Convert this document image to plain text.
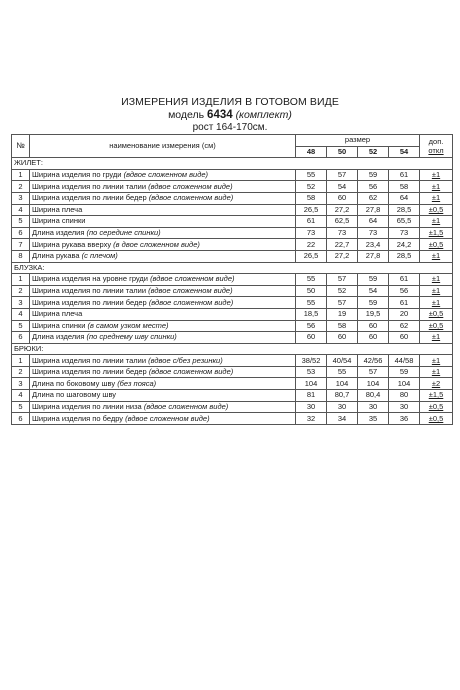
ИЗМЕРЕНИЯ ИЗДЕЛИЯ В ГОТОВОМ ВИДЕ
модель 6434 (комплект)
рост 164-170см.
№	наименование измерения (см)	размер				доп.
откл

		48	50	52	54	
ЖИЛЕТ:						
1	Ширина изделия по груди (вдвое сложенном виде)	55	57	59	61	±1
2	Ширина изделия по линии талии (вдвое сложенном виде)	52	54	56	58	±1
3	Ширина изделия по линии бедер (вдвое сложенном виде)	58	60	62	64	±1
4	Ширина плеча	26,5	27,2	27,8	28,5	±0,5
5	Ширина спинки	61	62,5	64	65,5	±1
6	Длина изделия (по середине спинки)	73	73	73	73	±1,5
7	Ширина рукава вверху (в двое сложенном виде)	22	22,7	23,4	24,2	±0,5
8	Длина рукава (с плечом)	26,5	27,2	27,8	28,5	±1
БЛУЗКА:						
1	Ширина изделия на уровне груди (вдвое сложенном виде)	55	57	59	61	±1
2	Ширина изделия по линии талии (вдвое сложенном виде)	50	52	54	56	±1
3	Ширина изделия по линии бедер (вдвое сложенном виде)	55	57	59	61	±1
4	Ширина плеча	18,5	19	19,5	20	±0,5
5	Ширина спинки (в самом узком месте)	56	58	60	62	±0,5
6	Длина изделия (по среднему шву спинки)	60	60	60	60	±1
БРЮКИ:						
1	Ширина изделия по линии талии (вдвое с/без резинки)	38/52	40/54	42/56	44/58	±1
2	Ширина изделия по линии бедер (вдвое сложенном виде)	53	55	57	59	±1
3	Длина по боковому шву (без пояса)	104	104	104	104	±2
4	Длина по шаговому шву	81	80,7	80,4	80	±1,5
5	Ширина изделия по линии низа (вдвое сложенном виде)	30	30	30	30	±0,5
6	Ширина изделия по бедру (вдвое сложенном виде)	32	34	35	36	±0,5
